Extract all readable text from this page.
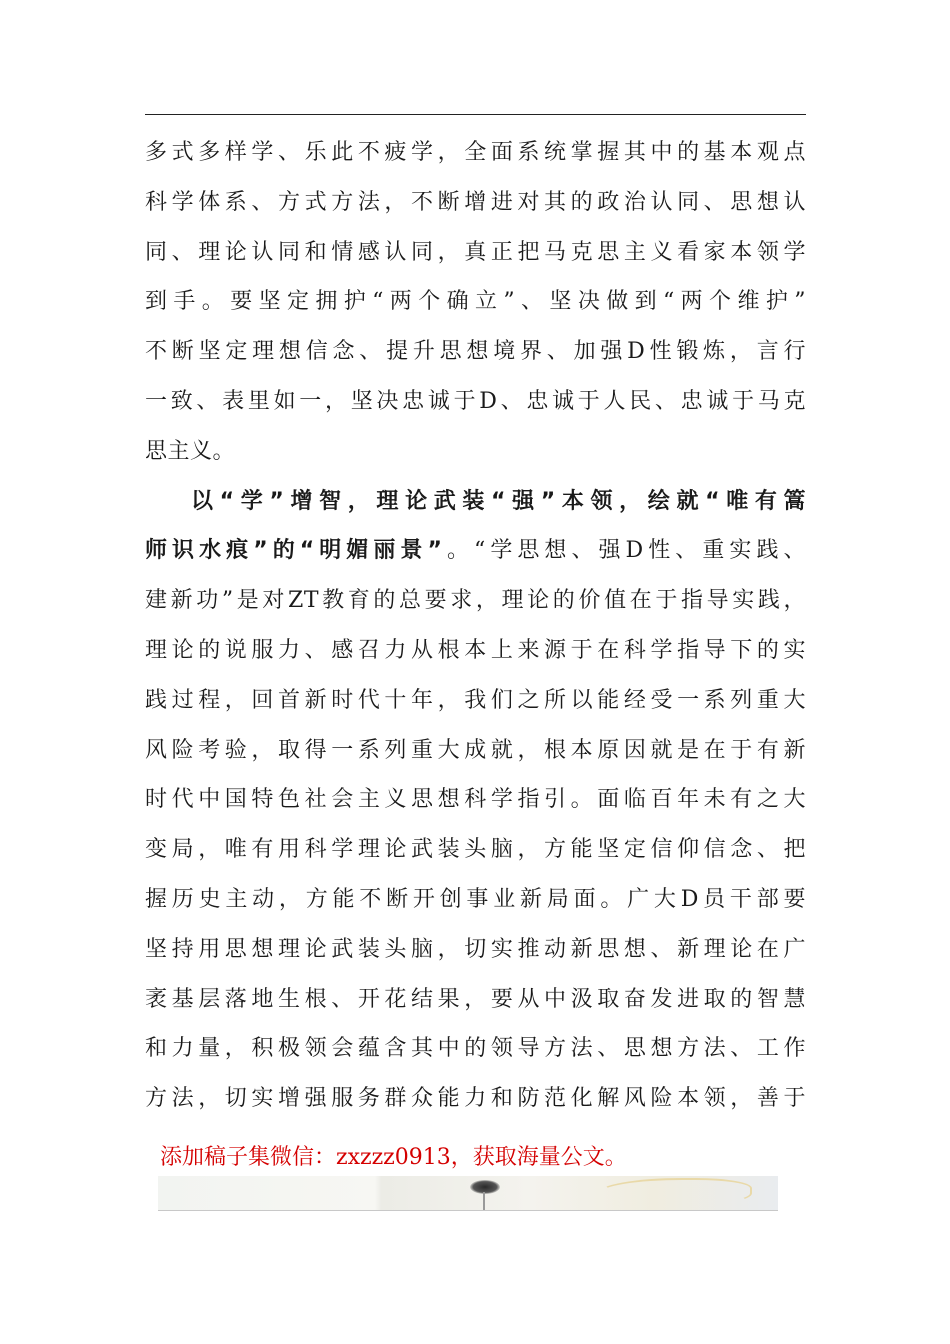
多式多样学、乐此不疲学，全面系统掌握其中的基本观点
科学体系、方式方法，不断增进对其的政治认同、思想认
同、理论认同和情感认同，真正把马克思主义看家本领学
到手。要坚定拥护“两个确立”、坚决做到“两个维护”
不断坚定理想信念、提升思想境界、加强D性锻炼，言行
一致、表里如一，坚决忠诚于D、忠诚于人民、忠诚于马克
思主义。
以“学”增智，理论武装“强”本领，绘就“唯有篙
师识水痕”的“明媚丽景”。“学思想、强D性、重实践、
建新功”是对ZT教育的总要求，理论的价值在于指导实践，
理论的说服力、感召力从根本上来源于在科学指导下的实
践过程，回首新时代十年，我们之所以能经受一系列重大
风险考验，取得一系列重大成就，根本原因就是在于有新
时代中国特色社会主义思想科学指引。面临百年未有之大
变局，唯有用科学理论武装头脑，方能坚定信仰信念、把
握历史主动，方能不断开创事业新局面。广大D员干部要
坚持用思想理论武装头脑，切实推动新思想、新理论在广
袤基层落地生根、开花结果，要从中汲取奋发进取的智慧
和力量，积极领会蕴含其中的领导方法、思想方法、工作
方法，切实增强服务群众能力和防范化解风险本领，善于
添加稿子集微信：zxzzz0913，获取海量公文。
